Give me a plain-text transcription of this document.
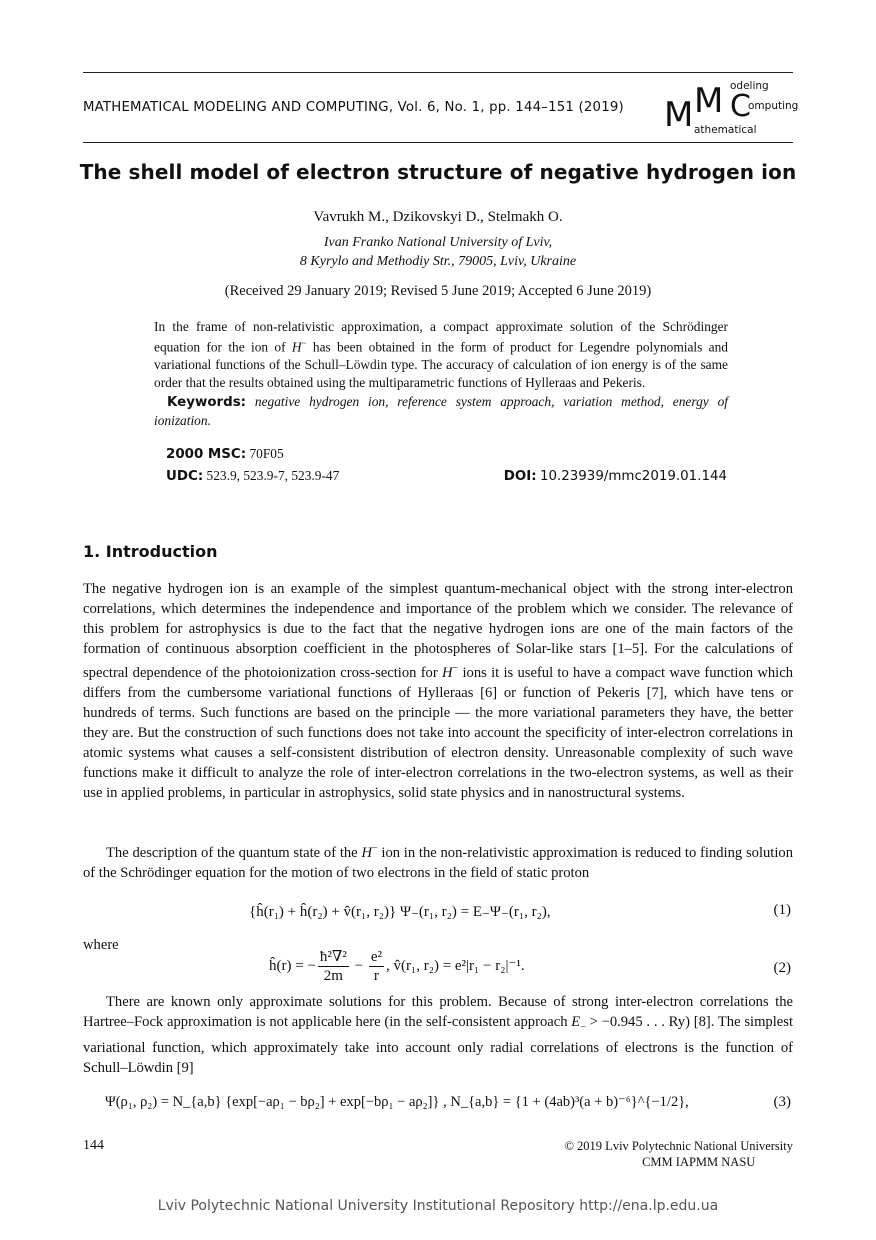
MATHEMATICAL MODELING AND COMPUTING, Vol. 6, No. 1, pp. 144–151 (2019) M M C
odeling
omputing
athematical
The shell model of electron structure of negative hydrogen ion
Vavrukh M., Dzikovskyi D., Stelmakh O.
Ivan Franko National University of Lviv,
8 Kyrylo and Methodiy Str., 79005, Lviv, Ukraine
(Received 29 January 2019; Revised 5 June 2019; Accepted 6 June 2019)

In the frame of non-relativistic approximation, a compact approximate solution of the Schrödinger equation for the ion of H− has been obtained in the form of product for Legendre polynomials and variational functions of the Schull–Löwdin type. The accuracy of calculation of ion energy is of the same order that the results obtained using the multiparametric functions of Hylleraas and Pekeris.

Keywords: negative hydrogen ion, reference system approach, variation method, energy of ionization.

2000 MSC: 70F05
UDC: 523.9, 523.9-7, 523.9-47	DOI: 10.23939/mmc2019.01.144
1. Introduction

The negative hydrogen ion is an example of the simplest quantum-mechanical object with the strong inter-electron correlations, which determines the independence and importance of the problem which we consider. The relevance of this problem for astrophysics is due to the fact that the negative hydrogen ions are one of the main factors of the formation of continuous absorption coefficient in the photospheres of Solar-like stars [1–5]. For the calculations of spectral dependence of the photoionization cross-section for H− ions it is useful to have a compact wave function which differs from the cumbersome variational functions of Hylleraas [6] or function of Pekeris [7], which have tens or hundreds of terms. Such functions are based on the principle — the more variational parameters they have, the better they are. But the construction of such functions does not take into account the specificity of inter-electron correlations in atomic systems what causes a self-consistent distribution of electron density. Unreasonable complexity of such wave functions make it difficult to analyze the role of inter-electron correlations in the two-electron systems, as well as their use in applied problems, in particular in astrophysics, solid state physics and in nanostructural systems.

The description of the quantum state of the H− ion in the non-relativistic approximation is reduced to finding solution of the Schrödinger equation for the motion of two electrons in the field of static proton

{ĥ(r₁) + ĥ(r₂) + v̂(r₁, r₂)} Ψ₋(r₁, r₂) = E₋Ψ₋(r₁, r₂),	(1)

where

ĥ(r) = − $\frac{\text{ħ²∇²}}{2m} - \frac{\text{e²}}{r}$ , v̂(r₁, r₂) = e²|r₁ − r₂|⁻¹.	(2)

There are known only approximate solutions for this problem. Because of strong inter-electron correlations the Hartree–Fock approximation is not applicable here (in the self-consistent approach $E_- > -0.945$ . . . Ry) [8]. The simplest variational function, which approximately take into account only radial correlations of electrons is the function of Schull–Löwdin [9]

Ψ(ρ₁, ρ₂) = N_{a,b} {exp[−aρ₁ − bρ₂] + exp[−bρ₁ − aρ₂]} , N_{a,b} = {1 + (4ab)³(a + b)⁻⁶}^{−1/2},	(3)
144	© 2019 Lviv Polytechnic National University
CMM IAPMM NASU
Lviv Polytechnic National University Institutional Repository http://ena.lp.edu.ua
